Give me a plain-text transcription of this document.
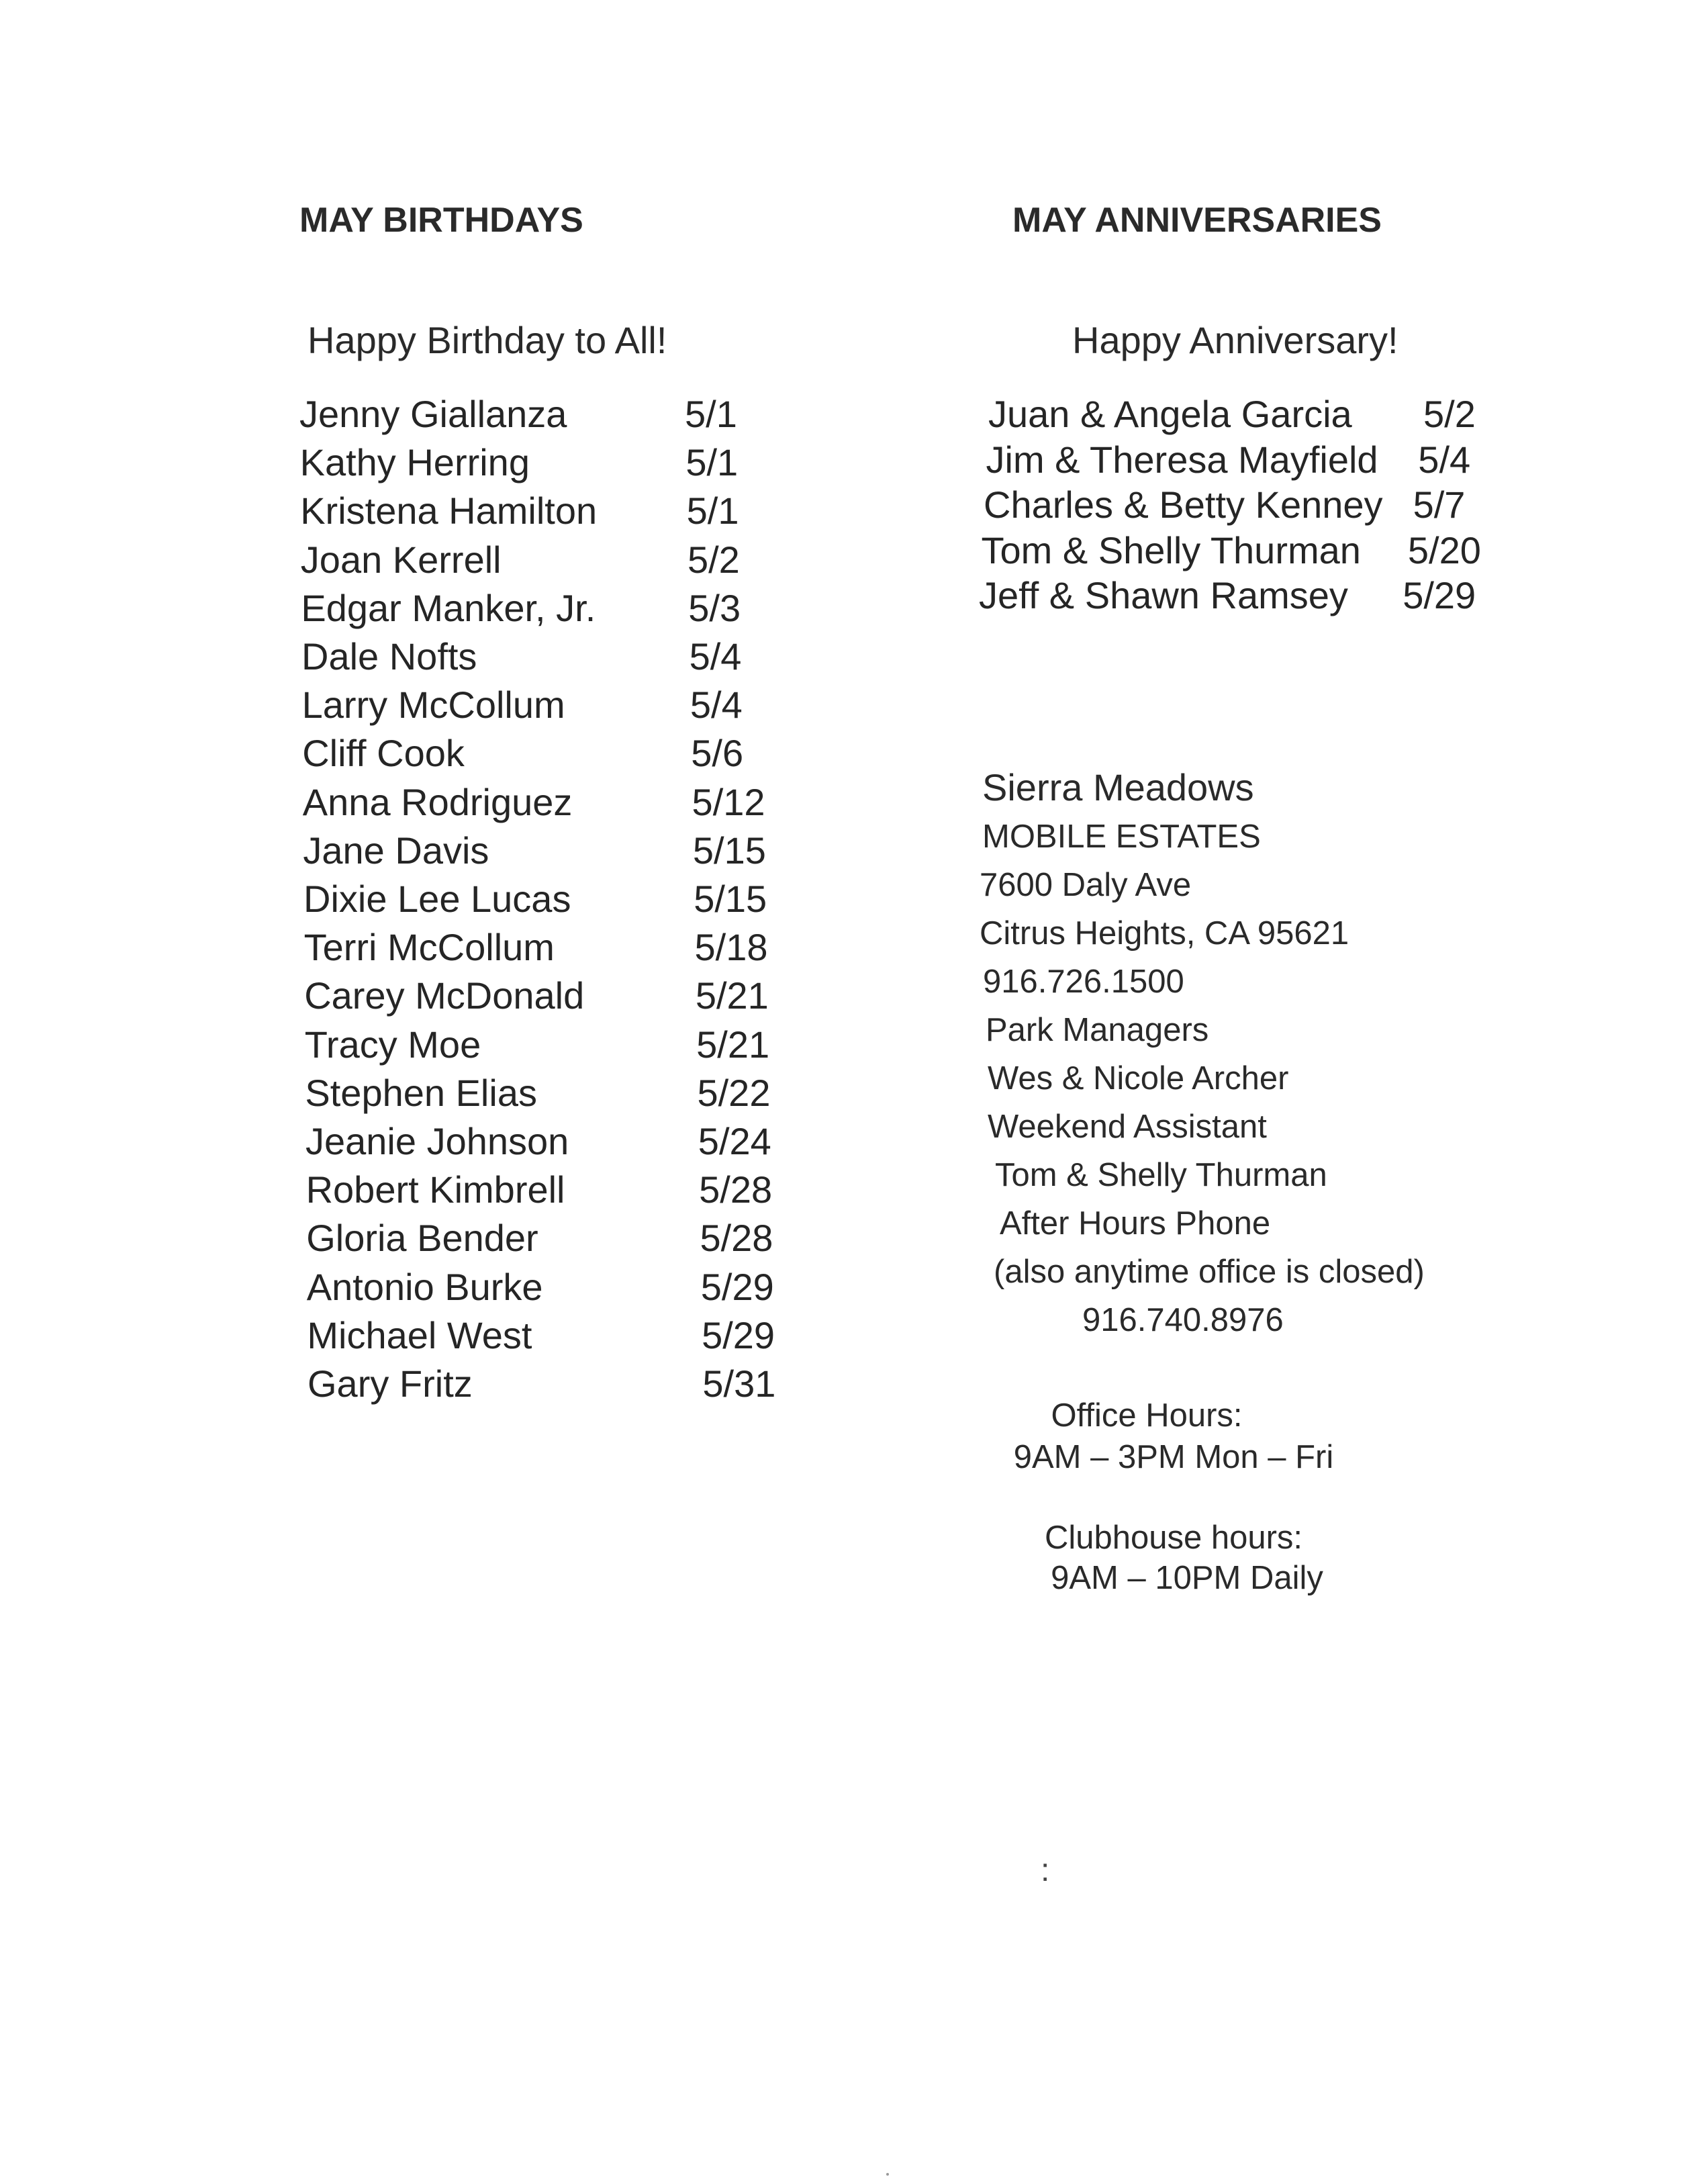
MAY BIRTHDAYS
Happy Birthday to All!
Jenny Giallanza	5/1
Kathy Herring	5/1
Kristena Hamilton 5/1
Joan Kerrell	5/2
Edgar Manker, Jr. 5/3
Dale Nofts	5/4
Larry McCollum	5/4
Cliff Cook	5/6
Anna Rodriguez	5/12
Jane Davis	5/15
Dixie Lee Lucas	5/15
Terri McCollum	5/18
Carey McDonald	5/21
Tracy Moe	5/21
Stephen Elias	5/22
Jeanie Johnson	5/24
Robert Kimbrell	5/28
Gloria Bender	5/28
Antonio Burke	5/29
Michael West	5/29
Gary Fritz	5/31
MAY ANNIVERSARIES
Happy Anniversary!
Juan & Angela Garcia 5/2
Jim & Theresa Mayfield 5/4
Charles & Betty Kenney 5/7
Tom & Shelly Thurman 5/20
Jeff & Shawn Ramsey 5/29
Sierra Meadows
MOBILE ESTATES
7600 Daly Ave
Citrus Heights, CA 95621
916.726.1500
Park Managers
Wes & Nicole Archer
Weekend Assistant
Tom & Shelly Thurman
After Hours Phone
(also anytime office is closed)
916.740.8976
Office Hours:
9AM – 3PM Mon – Fri
Clubhouse hours:
9AM – 10PM Daily
:
